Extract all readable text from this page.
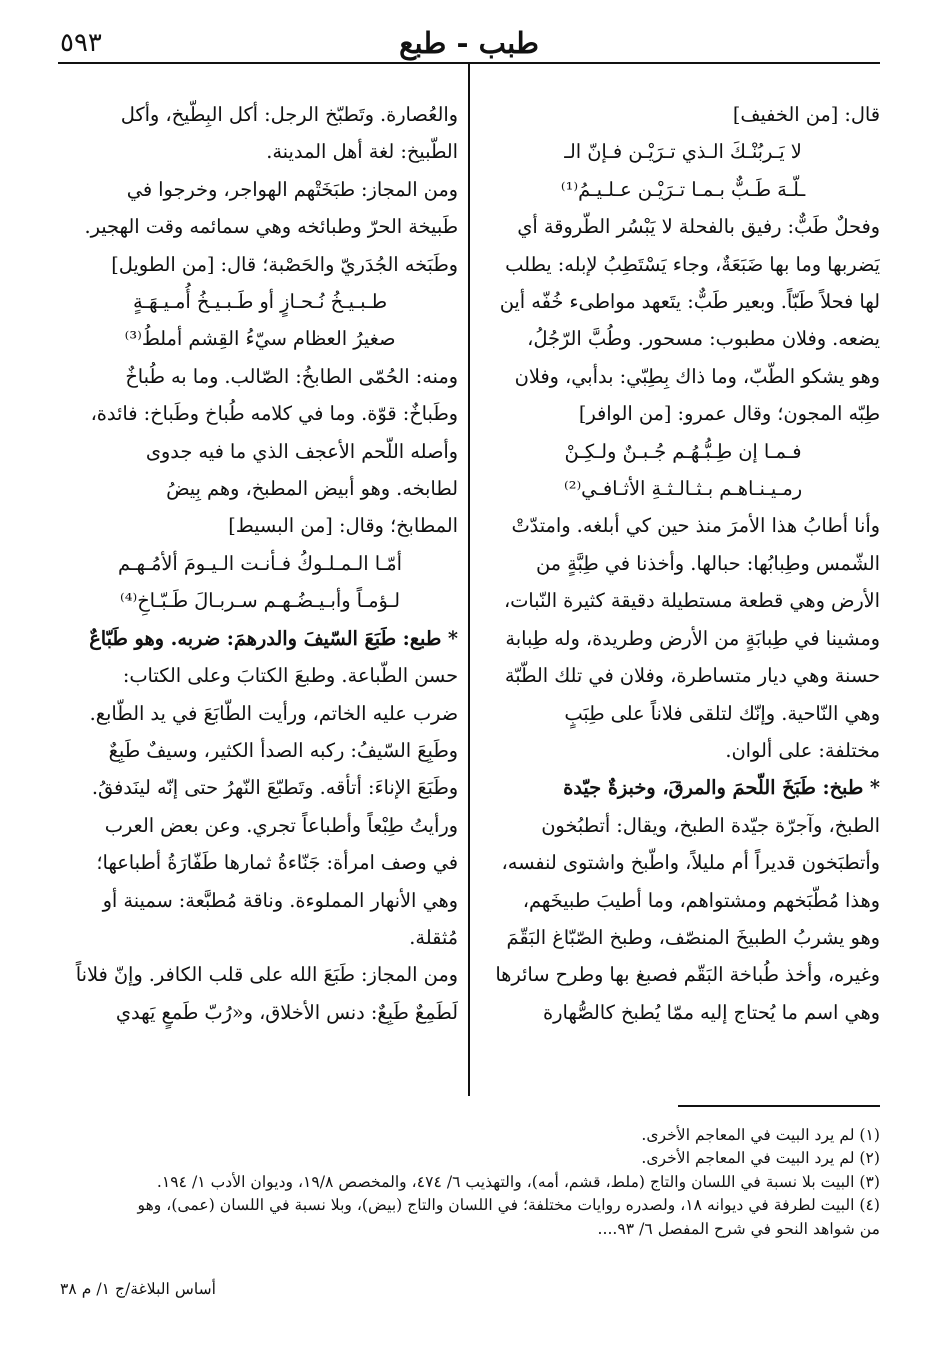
طبب - طبع
٥٩٣

قال: [من الخفيف]

لا يَـربُنْـكَ الـذي تـرَيْـن فـإنّ الـ

ـلّـهَ طَـبٌّ بـمـا تـرَيْـن عـلـيـمُ⁽¹⁾

وفحلٌ طَبٌّ: رفيق بالفحلة لا يَبْسُر الطّروقة أي

يَضربها وما بها ضَبَعَةٌ، وجاء يَسْتَطِبُ لإبله: يطلب

لها فحلاً طَبّاً. وبعير طَبٌّ: يتَعهد مواطىء خُفّه أين

يضعه. وفلان مطبوب: مسحور. وطُبَّ الرّجُلُ،

وهو يشكو الطّبّ، وما ذاك بِطِبّي: بدأبي، وفلان

طِبّه المجون؛ وقال عمرو: [من الوافر]

فـمـا إن طِـبُّـهُـم جُـبـنٌ ولـكِـنْ

رمـيـنـاهـم بـثـالـثـةِ الأثـافـي⁽²⁾

وأنا أطابُ هذا الأمرَ منذ حين كي أبلغه. وامتدّتْ

الشّمس وطِبابُها: حبالها. وأخذنا في طِبَّةٍ من

الأرض وهي قطعة مستطيلة دقيقة كثيرة النّبات،

ومشينا في طِبابَةٍ من الأرض وطريدة، وله طِبابة

حسنة وهي ديار متساطرة، وفلان في تلك الطّبّة

وهي النّاحية. وإنّك لتلقى فلاناً على طِبَبٍ

مختلفة: على ألوان.

* طبخ: طَبَخَ اللّحمَ والمرقَ، وخبزةٌ جيّدة

الطبخ، وآجرّة جيّدة الطبخ، ويقال: أتطبُخون

وأتطبَخون قديراً أم مليلاً، واطّبخ واشتوى لنفسه،

وهذا مُطّبَخهم ومشتواهم، وما أطيبَ طبيخَهم،

وهو يشربُ الطبيخَ المنصّف، وطبخ الصّبّاغ البَقّمَ

وغيره، وأخذ طُباخة البَقّم فصبغ بها وطرح سائرها

وهي اسم ما يُحتاج إليه ممّا يُطبخ كالصُّهارة

والعُصارة. وتَطبّخ الرجل: أكل البِطّيخ، وأكل

الطّبيخ: لغة أهل المدينة.

ومن المجاز: طبَخَتْهم الهواجر، وخرجوا في

طَبيخة الحرّ وطبائخه وهي سمائمه وقت الهجير.

وطَبَخه الجُدَريّ والحَصْبة؛ قال: [من الطويل]

طـبـيـخُ نُـحـازٍ أو طَـبـيـخُ أُمـيـهَـةٍ

صغيرُ العظام سيّءُ القِشم أملطُ⁽³⁾

ومنه: الحُمّى الطابخُ: الصّالب. وما به طُباخٌ

وطَباخٌ: قوّة. وما في كلامه طُباخ وطَباخ: فائدة،

وأصله اللّحم الأعجف الذي ما فيه جدوى

لطابخه. وهو أبيض المطبخ، وهم بِيضُ

المطابخ؛ وقال: [من البسيط]

أمّـا الـمـلـوكُ فـأنـت الـيـومَ ألأمُـهـم

لـؤمـاً وأبـيـضُـهـم سـربـالَ طَـبّـاخِ⁽⁴⁾

* طبع: طَبَعَ السّيفَ والدرهمَ: ضربه. وهو طَبّاعٌ

حسن الطّباعة. وطبعَ الكتابَ وعلى الكتاب:

ضرب عليه الخاتم، ورأيت الطّابَعَ في يد الطّابع.

وطَبِعَ السّيفُ: ركبه الصدأ الكثير، وسيفٌ طَبِعٌ

وطَبَعَ الإناءَ: أتأقه. وتَطبّعَ النّهرُ حتى إنّه لينَدفقُ.

ورأيتُ طِبْعاً وأطباعاً تجري. وعن بعض العرب

في وصف امرأة: جَنّاءةُ ثمارها طَفّارَةُ أطباعها؛

وهي الأنهار المملوءة. وناقة مُطبَّعة: سمينة أو

مُثقلة.

ومن المجاز: طَبَعَ الله على قلب الكافر. وإنّ فلاناً

لَطَمِعٌ طَبِعٌ: دنس الأخلاق، و«رُبّ طَمعٍ يَهدي

(١) لم يرد البيت في المعاجم الأخرى.

(٢) لم يرد البيت في المعاجم الأخرى.

(٣) البيت بلا نسبة في اللسان والتاج (ملط، قشم، أمه)، والتهذيب ٦/ ٤٧٤، والمخصص ١٩/٨، وديوان الأدب ١/ ١٩٤.

(٤) البيت لطرفة في ديوانه ١٨، ولصدره روايات مختلفة؛ في اللسان والتاج (بيض)، وبلا نسبة في اللسان (عمى)، وهو

من شواهد النحو في شرح المفصل ٦/ ٩٣....

أساس البلاغة/ج ١/ م ٣٨
